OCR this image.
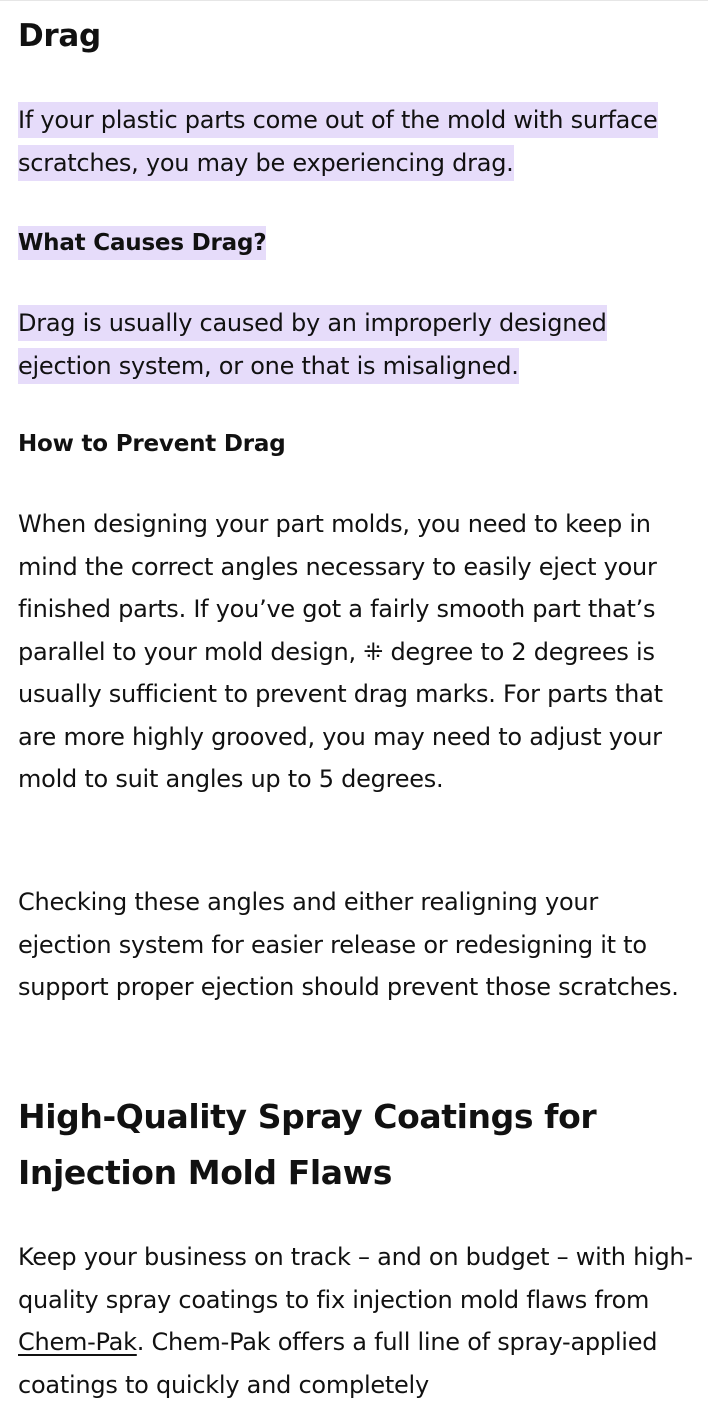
Drag

If your plastic parts come out of the mold with surface scratches, you may be experiencing drag.

What Causes Drag?

Drag is usually caused by an improperly designed ejection system, or one that is misaligned.

How to Prevent Drag

When designing your part molds, you need to keep in mind the correct angles necessary to easily eject your finished parts. If you’ve got a fairly smooth part that’s parallel to your mold design, ⁜ degree to 2 degrees is usually sufficient to prevent drag marks. For parts that are more highly grooved, you may need to adjust your mold to suit angles up to 5 degrees.

Checking these angles and either realigning your ejection system for easier release or redesigning it to support proper ejection should prevent those scratches.

High-Quality Spray Coatings for Injection Mold Flaws

Keep your business on track – and on budget – with high-quality spray coatings to fix injection mold flaws from Chem-Pak. Chem-Pak offers a full line of spray-applied coatings to quickly and completely
